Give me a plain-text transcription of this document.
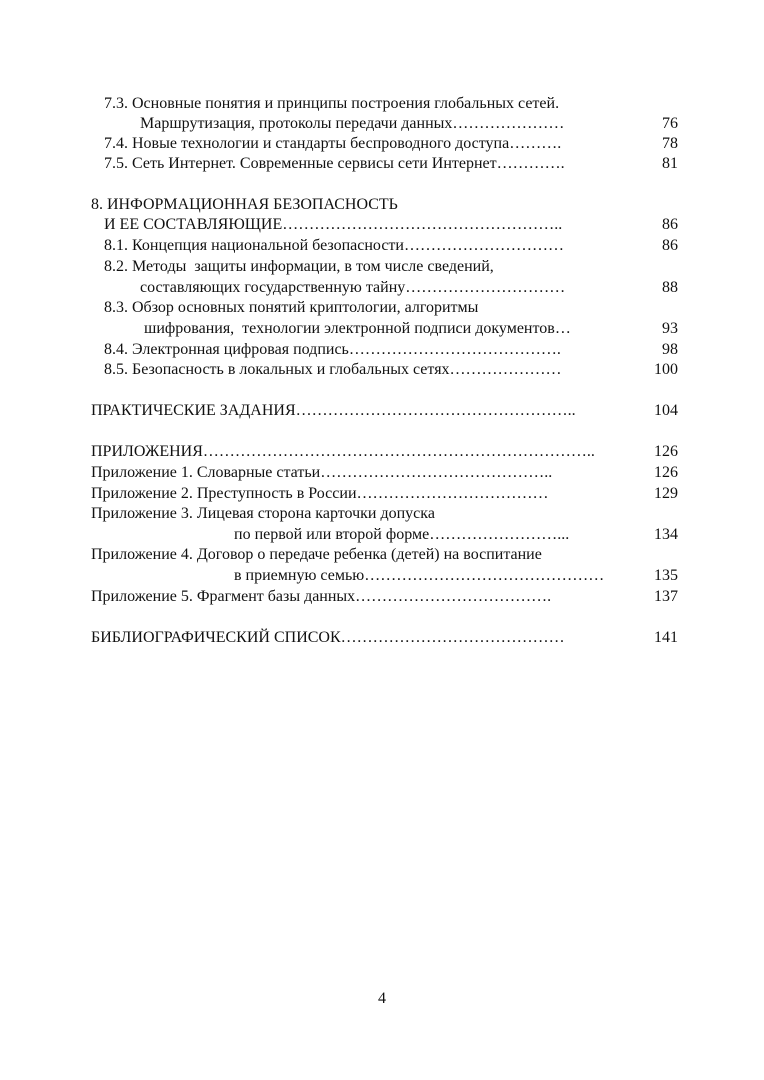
7.3. Основные понятия и принципы построения глобальных сетей.
Маршрутизация, протоколы передачи данных…………………	76
7.4. Новые технологии и стандарты беспроводного доступа……….	78
7.5. Сеть Интернет. Современные сервисы сети Интернет………….	81
8. ИНФОРМАЦИОННАЯ БЕЗОПАСНОСТЬ
И ЕЕ СОСТАВЛЯЮЩИЕ……………………………………………..	86
8.1. Концепция национальной безопасности…………………………	86
8.2. Методы  защиты информации, в том числе сведений,
составляющих государственную тайну…………………………	88
8.3. Обзор основных понятий криптологии, алгоритмы
шифрования,  технологии электронной подписи документов…	93
8.4. Электронная цифровая подпись………………………………….	98
8.5. Безопасность в локальных и глобальных сетях…………………	100
ПРАКТИЧЕСКИЕ ЗАДАНИЯ……………………………………………..	104
ПРИЛОЖЕНИЯ………………………………………………………………..	126
Приложение 1. Словарные статьи……………………………………..	126
Приложение 2. Преступность в России………………………………	129
Приложение 3. Лицевая сторона карточки допуска
по первой или второй форме……………………...	134
Приложение 4. Договор о передаче ребенка (детей) на воспитание
в приемную семью………………………………………	135
Приложение 5. Фрагмент базы данных……………………………….	137
БИБЛИОГРАФИЧЕСКИЙ СПИСОК……………………………………	141
4
